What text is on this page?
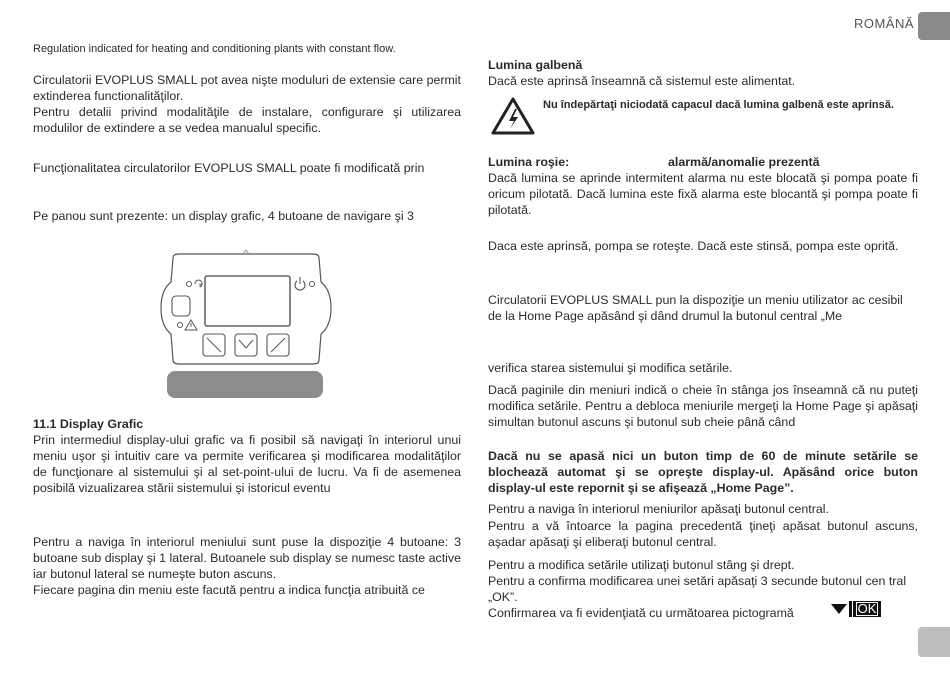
ROMÂNĂ

Regulation indicated for heating and conditioning plants with constant flow.

Circulatorii EVOPLUS SMALL pot avea nişte moduluri de extensie care permit extinderea functionalităţilor.

Pentru detalii privind modalităţile de instalare, configurare şi utilizarea modulilor de extindere a se vedea manualul specific.

Funcţionalitatea circulatorilor EVOPLUS SMALL poate fi modificată prin

Pe panou sunt prezente: un display grafic, 4 butoane de navigare şi 3

11.1 Display Grafic

Prin intermediul display-ului grafic va fi posibil să navigaţi în interiorul unui meniu uşor şi intuitiv care va permite verificarea şi modificarea modalităţilor de funcţionare al sistemului şi al set-point-ului de lucru. Va fi de asemenea posibilă vizualizarea stării sistemului şi istoricul eventu

Pentru a naviga în interiorul meniului sunt puse la dispoziţie 4 butoane: 3 butoane sub display şi 1 lateral. Butoanele sub display se numesc taste active iar butonul lateral se numeşte buton ascuns.

Fiecare pagina din meniu este facută pentru a indica funcţia atribuită ce

Lumina galbenă

Dacă este aprinsă înseamnă că sistemul este alimentat.

Nu îndepărtaţi niciodată capacul dacă lumina galbenă este aprinsă.

Lumina roşie:	alarmă/anomalie prezentă

Dacă lumina se aprinde intermitent alarma nu este blocată şi pompa poate fi oricum pilotată. Dacă lumina este fixă alarma este blocantă şi pompa poate fi pilotată.

Daca este aprinsă, pompa se roteşte. Dacă este stinsă, pompa este oprită.

Circulatorii EVOPLUS SMALL pun la dispoziţie un meniu utilizator ac cesibil de la Home Page apăsând şi dând drumul la butonul central „Me

verifica starea sistemului şi modifica setările.

Dacă paginile din meniuri indică o cheie în stânga jos înseamnă că nu puteţi modifica setările. Pentru a debloca meniurile mergeţi la Home Page şi apăsaţi simultan butonul ascuns şi butonul sub cheie până când

Dacă nu se apasă nici un buton timp de 60 de minute setările se blochează automat şi se opreşte display-ul. Apăsând orice buton display-ul este repornit şi se afişează „Home Page”.

Pentru a naviga în interiorul meniurilor apăsaţi butonul central.

Pentru a vă întoarce la pagina precedentă ţineţi apăsat butonul ascuns, aşadar apăsaţi şi eliberaţi butonul central.

Pentru a modifica setările utilizaţi butonul stâng şi drept.

Pentru a confirma modificarea unei setări apăsaţi 3 secunde butonul cen tral „OK”.

Confirmarea va fi evidenţiată cu următoarea pictogramă	OK
